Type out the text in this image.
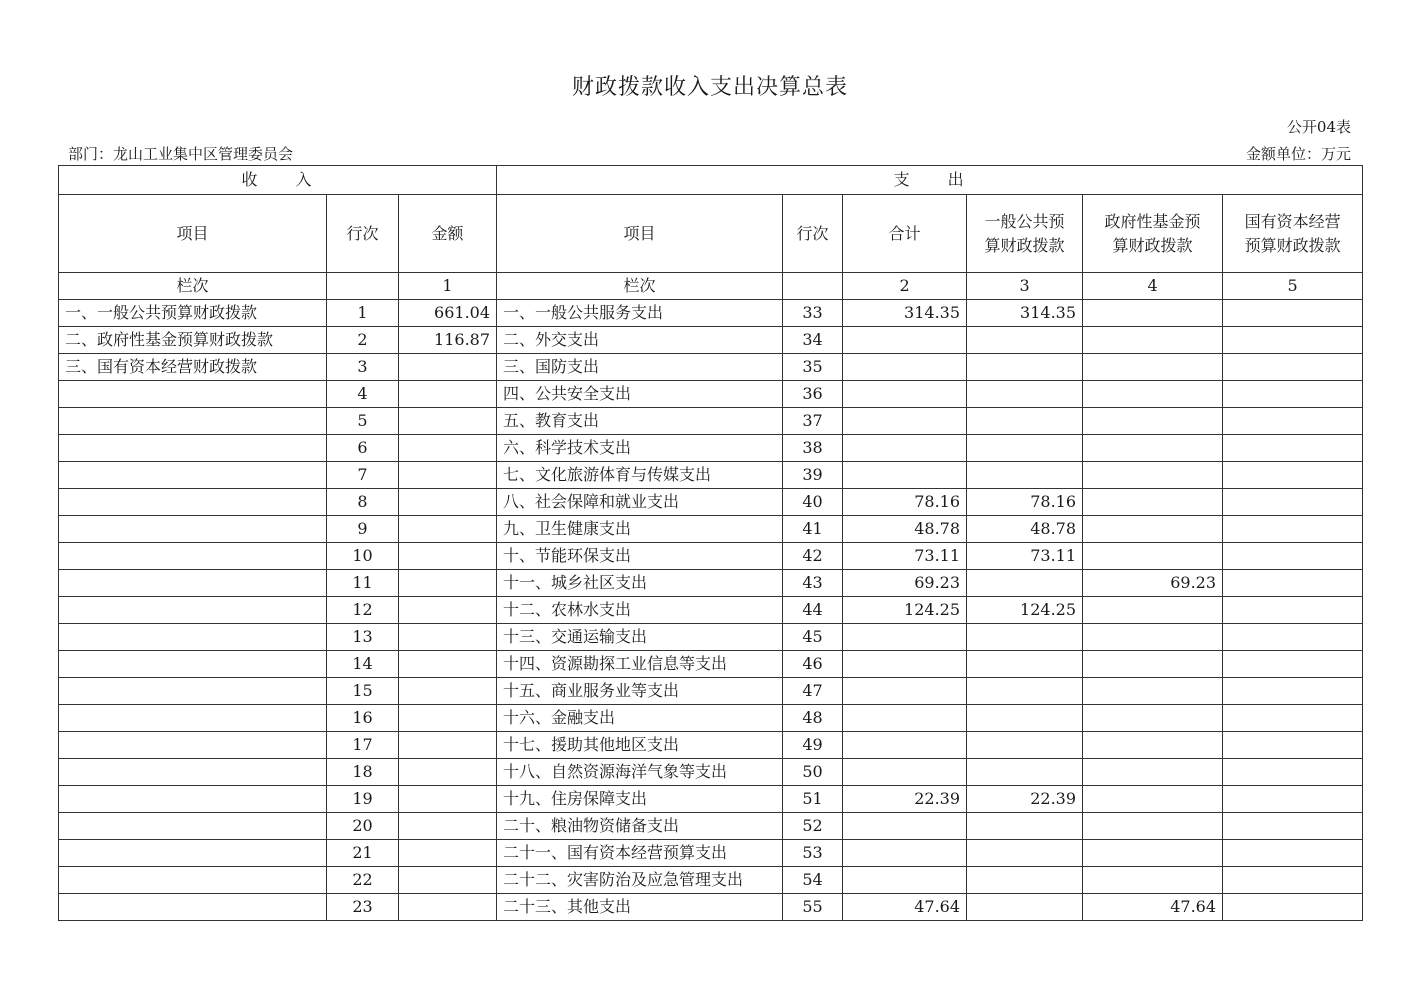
财政拨款收入支出决算总表
公开04表
部门：龙山工业集中区管理委员会	金额单位：万元
收　　入			支　　出					
项目	行次	金额	项目	行次	合计	一般公共预算财政拨款	政府性基金预算财政拨款	国有资本经营预算财政拨款
栏次		1	栏次		2	3	4	5
一、一般公共预算财政拨款	1	661.04	一、一般公共服务支出	33	314.35	314.35		
二、政府性基金预算财政拨款	2	116.87	二、外交支出	34				
三、国有资本经营财政拨款	3		三、国防支出	35				
	4		四、公共安全支出	36				
	5		五、教育支出	37				
	6		六、科学技术支出	38				
	7		七、文化旅游体育与传媒支出	39				
	8		八、社会保障和就业支出	40	78.16	78.16		
	9		九、卫生健康支出	41	48.78	48.78		
	10		十、节能环保支出	42	73.11	73.11		
	11		十一、城乡社区支出	43	69.23		69.23	
	12		十二、农林水支出	44	124.25	124.25		
	13		十三、交通运输支出	45				
	14		十四、资源勘探工业信息等支出	46				
	15		十五、商业服务业等支出	47				
	16		十六、金融支出	48				
	17		十七、援助其他地区支出	49				
	18		十八、自然资源海洋气象等支出	50				
	19		十九、住房保障支出	51	22.39	22.39		
	20		二十、粮油物资储备支出	52				
	21		二十一、国有资本经营预算支出	53				
	22		二十二、灾害防治及应急管理支出	54				
	23		二十三、其他支出	55	47.64		47.64	
